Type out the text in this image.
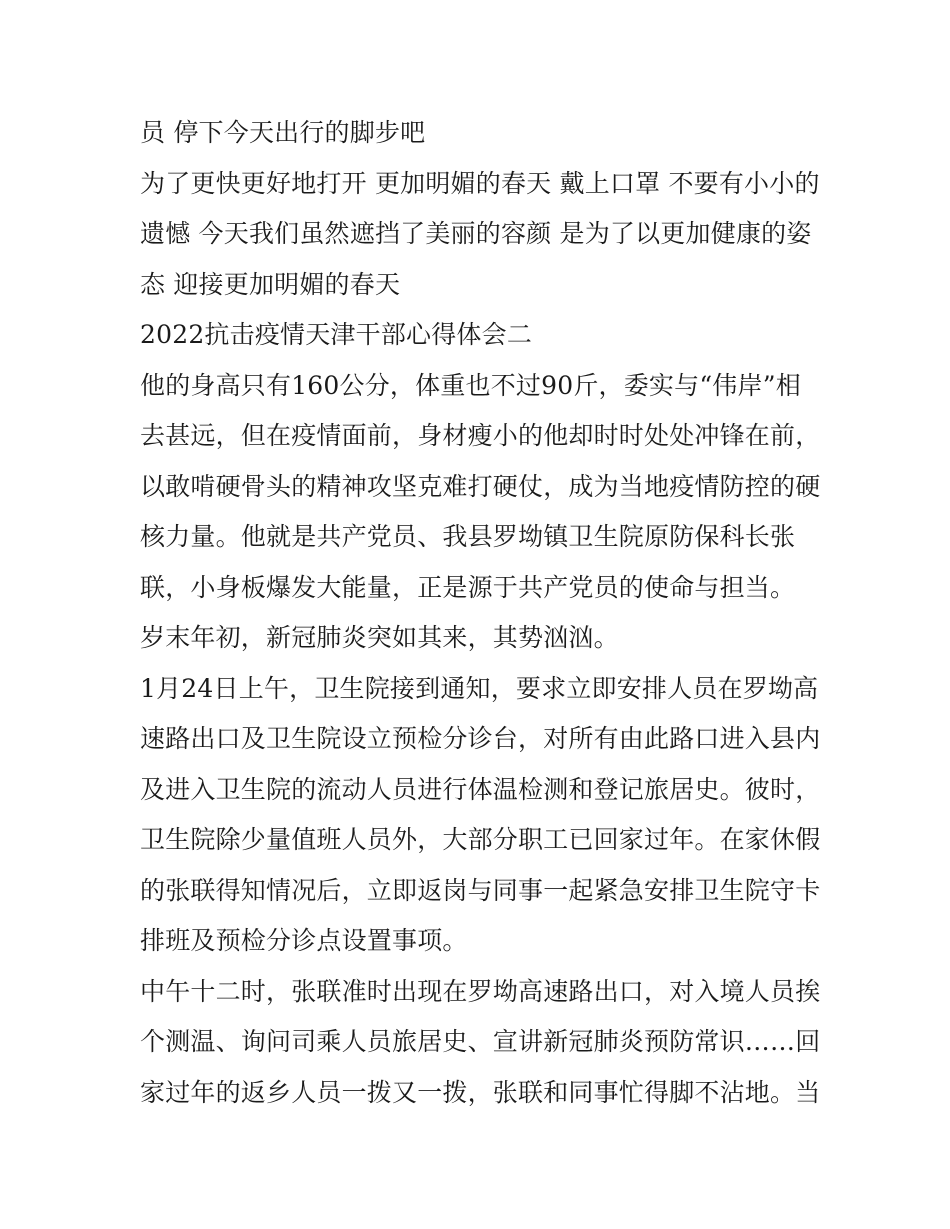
员 停下今天出行的脚步吧
为了更快更好地打开 更加明媚的春天 戴上口罩 不要有小小的
遗憾 今天我们虽然遮挡了美丽的容颜 是为了以更加健康的姿
态 迎接更加明媚的春天
2022抗击疫情天津干部心得体会二
他的身高只有160公分，体重也不过90斤，委实与“伟岸”相
去甚远，但在疫情面前，身材瘦小的他却时时处处冲锋在前，
以敢啃硬骨头的精神攻坚克难打硬仗，成为当地疫情防控的硬
核力量。他就是共产党员、我县罗坳镇卫生院原防保科长张
联，小身板爆发大能量，正是源于共产党员的使命与担当。
岁末年初，新冠肺炎突如其来，其势汹汹。
1月24日上午，卫生院接到通知，要求立即安排人员在罗坳高
速路出口及卫生院设立预检分诊台，对所有由此路口进入县内
及进入卫生院的流动人员进行体温检测和登记旅居史。彼时，
卫生院除少量值班人员外，大部分职工已回家过年。在家休假
的张联得知情况后，立即返岗与同事一起紧急安排卫生院守卡
排班及预检分诊点设置事项。
中午十二时，张联准时出现在罗坳高速路出口，对入境人员挨
个测温、询问司乘人员旅居史、宣讲新冠肺炎预防常识……回
家过年的返乡人员一拨又一拨，张联和同事忙得脚不沾地。当
